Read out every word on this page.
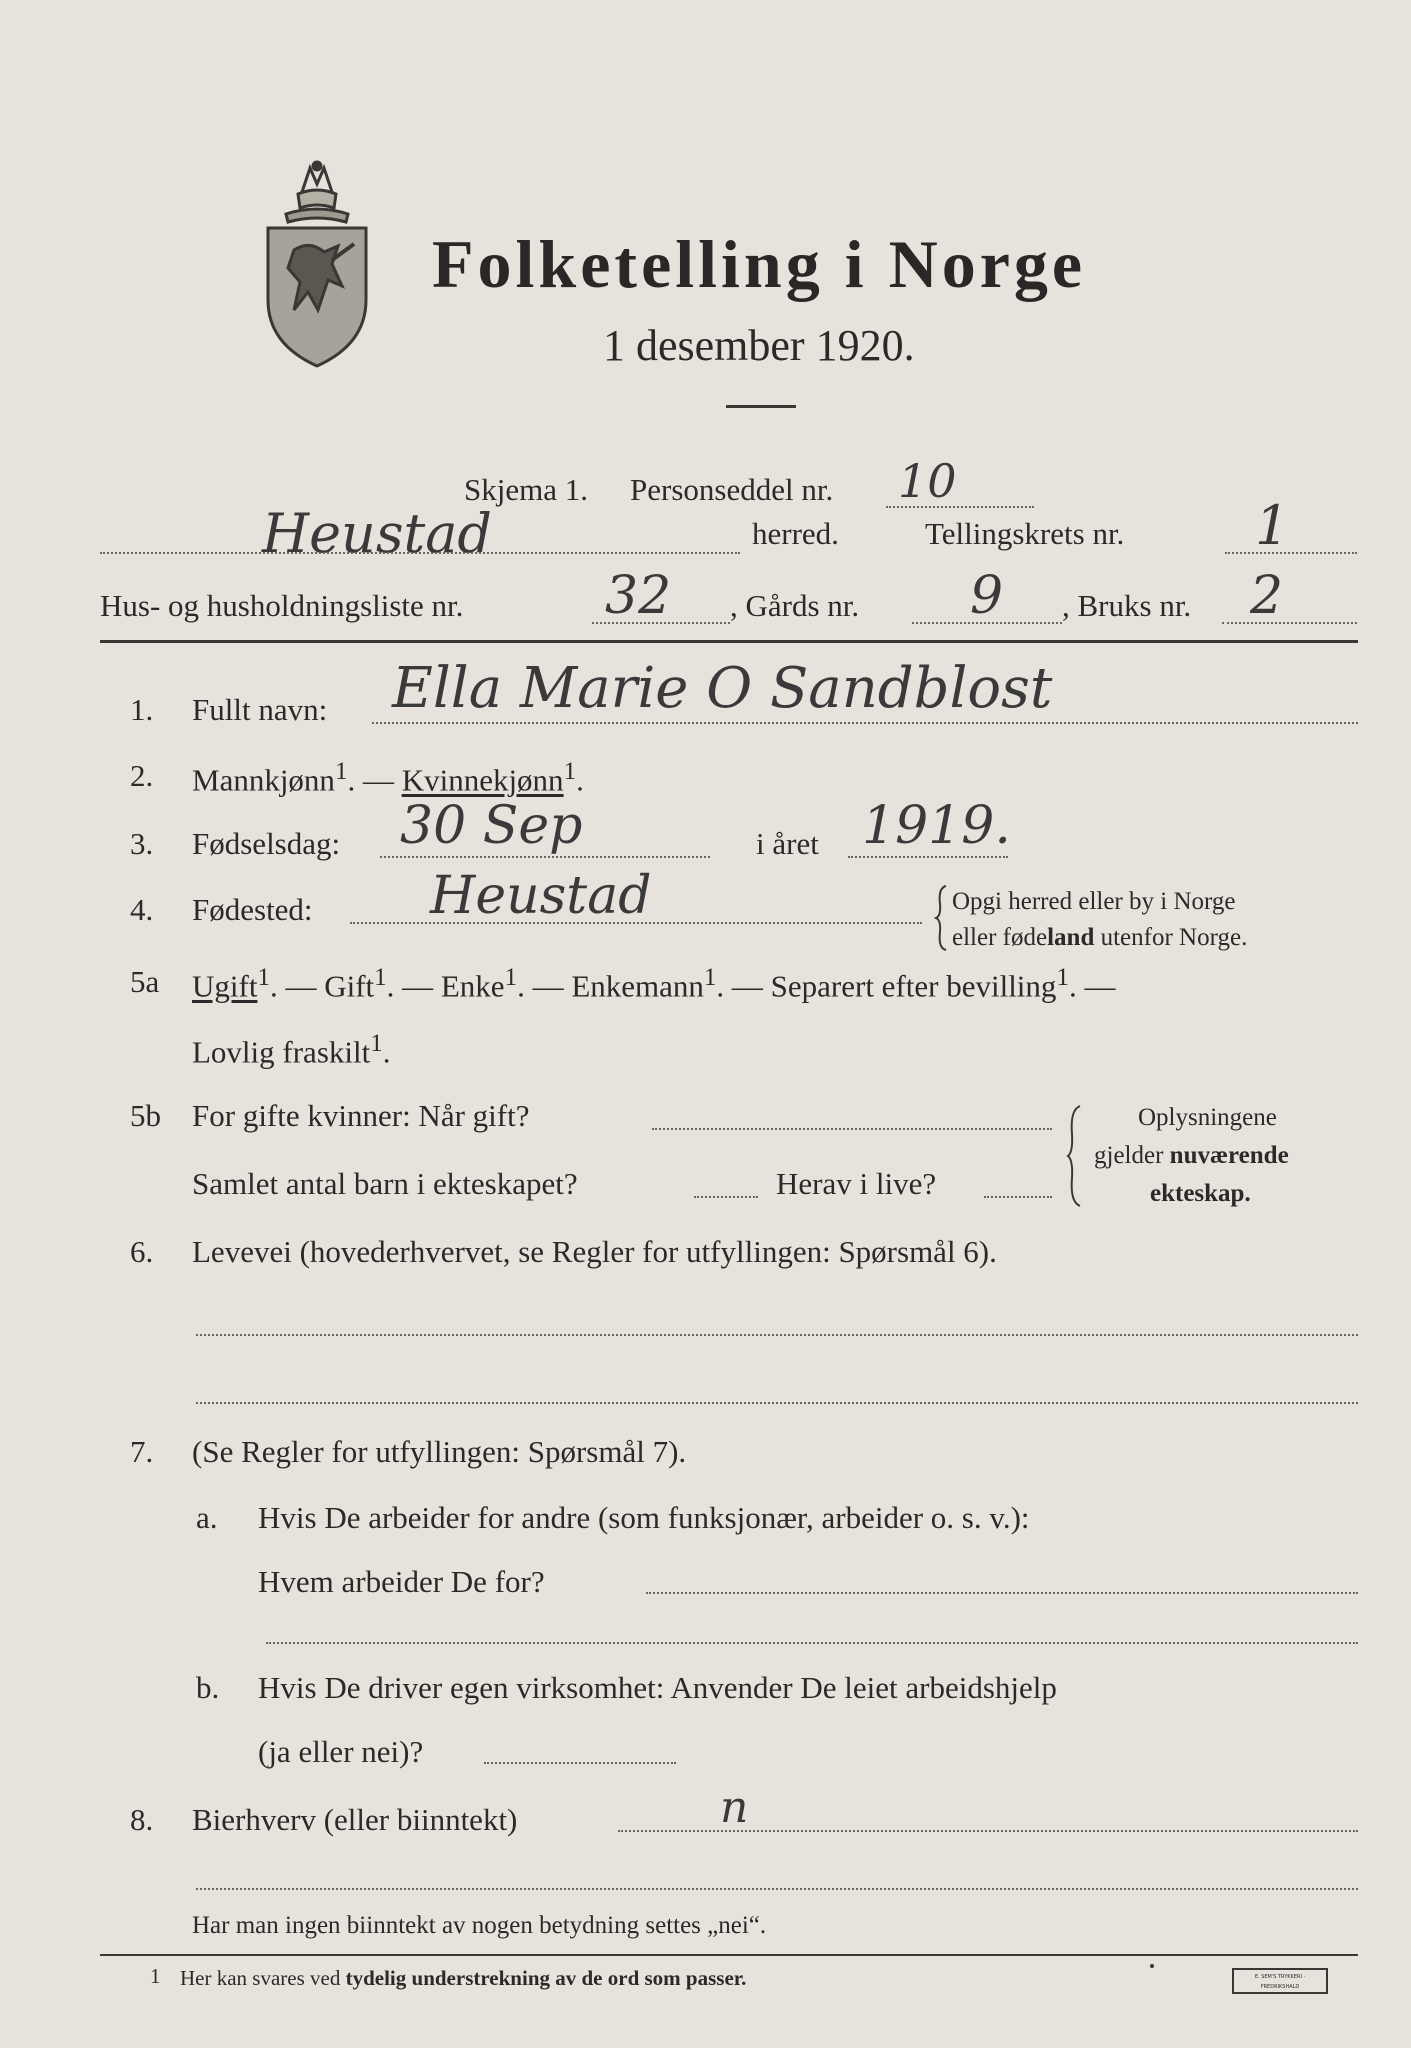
Folketelling i Norge
1 desember 1920.
Skjema 1. Personseddel nr. 10
Heustad	herred.	Tellingskrets nr. 1
Hus- og husholdningsliste nr.	32 , Gårds nr. 9 , Bruks nr. 2
1. Fullt navn: Ella Marie O Sandblost
2. Mannkjønn$^1$. — Kvinnekjønn$^1$.
3. Fødselsdag: 30 Sep	i året 1919.
4. Fødested: Heustad	Opgi herred eller by i Norge
eller fødeland utenfor Norge.
5a Ugift$^1$. — Gift$^1$. — Enke$^1$. — Enkemann$^1$. — Separert efter bevilling$^1$. —
Lovlig fraskilt$^1$.
5b For gifte kvinner: Når gift?
Samlet antal barn i ekteskapet?	Herav i live?
Oplysningene
gjelder nuværende
ekteskap.
6. Levevei (hovederhvervet, se Regler for utfyllingen: Spørsmål 6).
7. (Se Regler for utfyllingen: Spørsmål 7).
a. Hvis De arbeider for andre (som funksjonær, arbeider o. s. v.):
Hvem arbeider De for?
b. Hvis De driver egen virksomhet: Anvender De leiet arbeidshjelp
(ja eller nei)?
8. Bierhverv (eller biinntekt)	n
Har man ingen biinntekt av nogen betydning settes „nei“.
1 Her kan svares ved tydelig understrekning av de ord som passer.	E. SEM'S TRYKKERI · FREDRIKSHALD
